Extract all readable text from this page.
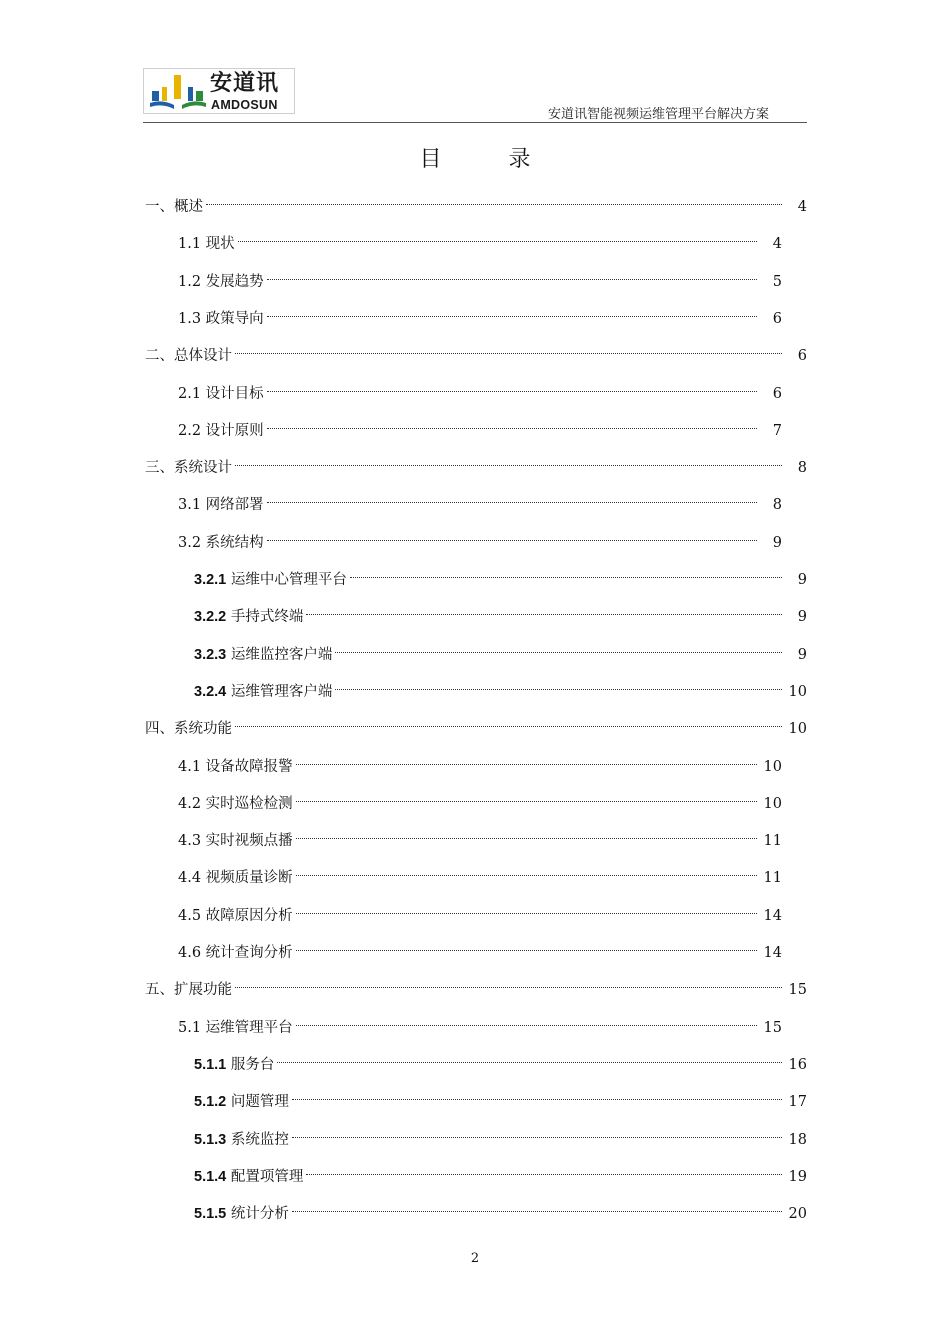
安道讯
AMDOSUN
安道讯智能视频运维管理平台解决方案
目 录
一、概述	4
1.1 现状	4
1.2 发展趋势	5
1.3 政策导向	6
二、总体设计	6
2.1 设计目标	6
2.2 设计原则	7
三、系统设计	8
3.1 网络部署	8
3.2 系统结构	9
3.2.1 运维中心管理平台	9
3.2.2 手持式终端	9
3.2.3 运维监控客户端	9
3.2.4 运维管理客户端	10
四、系统功能	10
4.1 设备故障报警	10
4.2 实时巡检检测	10
4.3 实时视频点播	11
4.4 视频质量诊断	11
4.5 故障原因分析	14
4.6 统计查询分析	14
五、扩展功能	15
5.1 运维管理平台	15
5.1.1 服务台	16
5.1.2 问题管理	17
5.1.3 系统监控	18
5.1.4 配置项管理	19
5.1.5 统计分析	20
2
